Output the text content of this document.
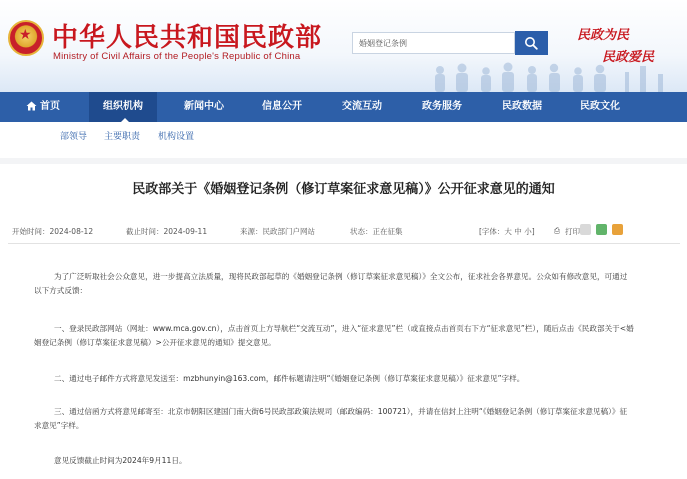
★
中华人民共和国民政部
Ministry of Civil Affairs of the People's Republic of China
婚姻登记条例
民政为民
民政爱民
首页	组织机构	新闻中心	信息公开	交流互动	政务服务	民政数据	民政文化
部领导 主要职责 机构设置
民政部关于《婚姻登记条例（修订草案征求意见稿）》公开征求意见的通知
开始时间：2024-08-12	截止时间：2024-09-11	来源：民政部门户网站	状态：正在征集	[字体：大 中 小]	⎙ 打印
为了广泛听取社会公众意见，进一步提高立法质量，现将民政部起草的《婚姻登记条例（修订草案征求意见稿）》全文公布，征求社会各界意见。公众如有修改意见，可通过以下方式反馈：
一、登录民政部网站（网址：www.mca.gov.cn），点击首页上方导航栏“交流互动”，进入“征求意见”栏（或直接点击首页右下方“征求意见”栏），随后点击《民政部关于<婚姻登记条例（修订草案征求意见稿）>公开征求意见的通知》提交意见。
二、通过电子邮件方式将意见发送至：mzbhunyin@163.com，邮件标题请注明“《婚姻登记条例（修订草案征求意见稿）》征求意见”字样。
三、通过信函方式将意见邮寄至：北京市朝阳区建国门南大街6号民政部政策法规司（邮政编码：100721），并请在信封上注明“《婚姻登记条例（修订草案征求意见稿）》征求意见”字样。
意见反馈截止时间为2024年9月11日。
